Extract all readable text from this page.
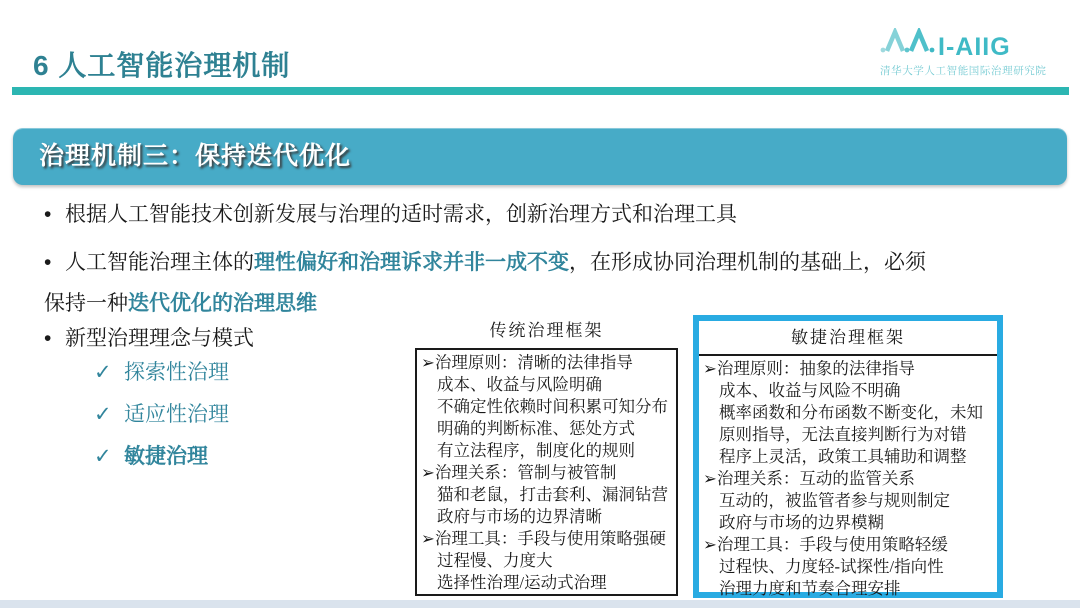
6 人工智能治理机制
I-AIIG
清华大学人工智能国际治理研究院
治理机制三：保持迭代优化
• 根据人工智能技术创新发展与治理的适时需求，创新治理方式和治理工具
• 人工智能治理主体的理性偏好和治理诉求并非一成不变，在形成协同治理机制的基础上，必须保持一种迭代优化的治理思维
• 新型治理理念与模式
✓ 探索性治理
✓ 适应性治理
✓ 敏捷治理
传统治理框架
➢治理原则：清晰的法律指导
成本、收益与风险明确
不确定性依赖时间积累可知分布
明确的判断标准、惩处方式
有立法程序，制度化的规则
➢治理关系：管制与被管制
猫和老鼠，打击套利、漏洞钻营
政府与市场的边界清晰
➢治理工具：手段与使用策略强硬
过程慢、力度大
选择性治理/运动式治理
敏捷治理框架
➢治理原则：抽象的法律指导
成本、收益与风险不明确
概率函数和分布函数不断变化，未知
原则指导，无法直接判断行为对错
程序上灵活，政策工具辅助和调整
➢治理关系：互动的监管关系
互动的，被监管者参与规则制定
政府与市场的边界模糊
➢治理工具：手段与使用策略轻缓
过程快、力度轻-试探性/指向性
治理力度和节奏合理安排
